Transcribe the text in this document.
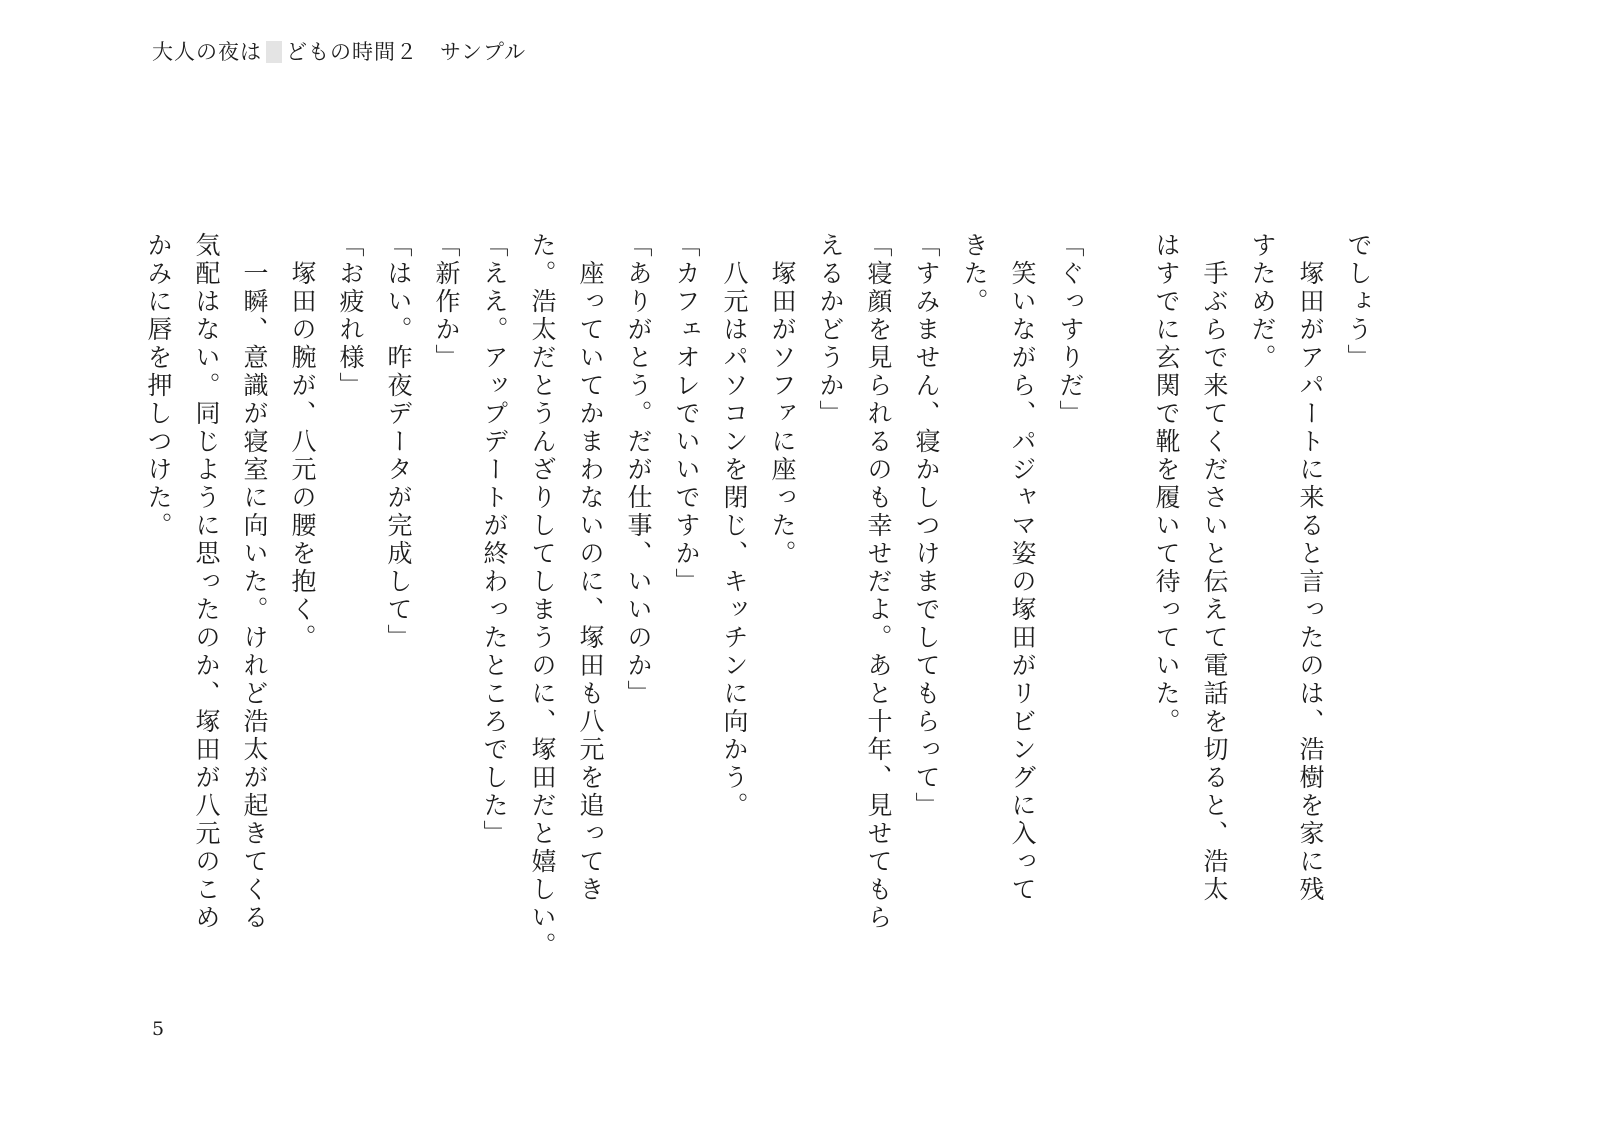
大人の夜は どもの時間２　サンプル
でしょう」
　塚田がアパートに来ると言ったのは、浩樹を家に残
すためだ。
　手ぶらで来てくださいと伝えて電話を切ると、浩太
はすでに玄関で靴を履いて待っていた。

「ぐっすりだ」
　笑いながら、パジャマ姿の塚田がリビングに入って
きた。
「すみません、寝かしつけまでしてもらって」
「寝顔を見られるのも幸せだよ。あと十年、見せてもら
えるかどうか」
　塚田がソファに座った。
　八元はパソコンを閉じ、キッチンに向かう。
「カフェオレでいいですか」
「ありがとう。だが仕事、いいのか」
　座っていてかまわないのに、塚田も八元を追ってき
た。浩太だとうんざりしてしまうのに、塚田だと嬉しい。
「ええ。アップデートが終わったところでした」
「新作か」
「はい。昨夜データが完成して」
「お疲れ様」
　塚田の腕が、八元の腰を抱く。
　一瞬、意識が寝室に向いた。けれど浩太が起きてくる
気配はない。同じように思ったのか、塚田が八元のこめ
かみに唇を押しつけた。
5
